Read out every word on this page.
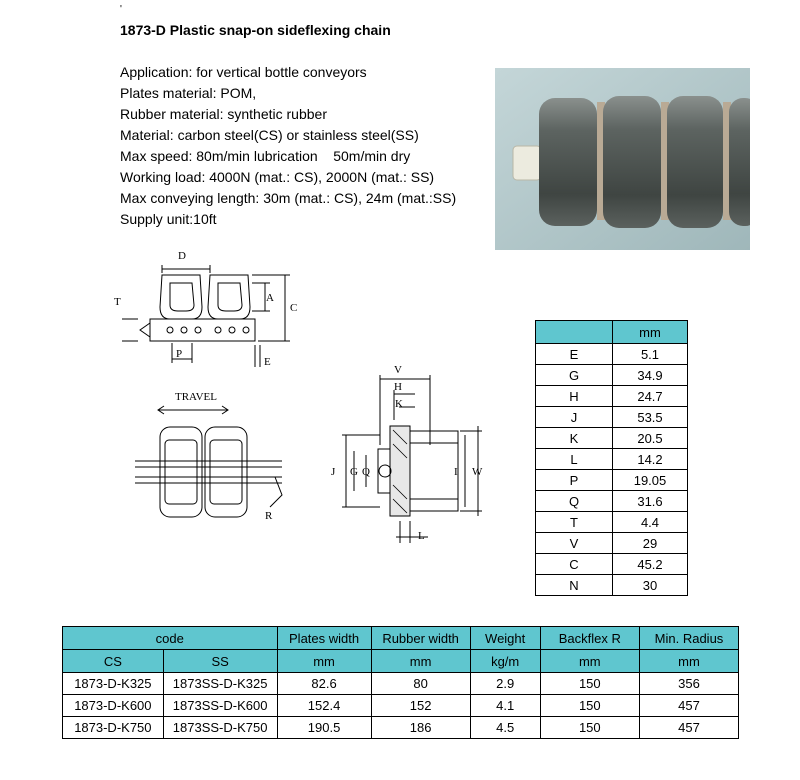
'
1873-D Plastic snap-on sideflexing chain
Application: for vertical bottle conveyors
Plates material: POM,
Rubber material: synthetic rubber
Material: carbon steel(CS) or stainless steel(SS)
Max speed: 80m/min lubrication    50m/min dry
Working load: 4000N (mat.: CS), 2000N (mat.: SS)
Max conveying length: 30m (mat.: CS), 24m (mat.:SS)
Supply unit:10ft
D
T	A
C
P
E
TRAVEL
R
V
H
K
J G Q	I W
L
	mm
E	5.1
G	34.9
H	24.7
J	53.5
K	20.5
L	14.2
P	19.05
Q	31.6
T	4.4
V	29
C	45.2
N	30
code		Plates width	Rubber width	Weight	Backflex R	Min. Radius
CS	SS	mm	mm	kg/m	mm	mm
1873-D-K325	1873SS-D-K325	82.6	80	2.9	150	356
1873-D-K600	1873SS-D-K600	152.4	152	4.1	150	457
1873-D-K750	1873SS-D-K750	190.5	186	4.5	150	457
